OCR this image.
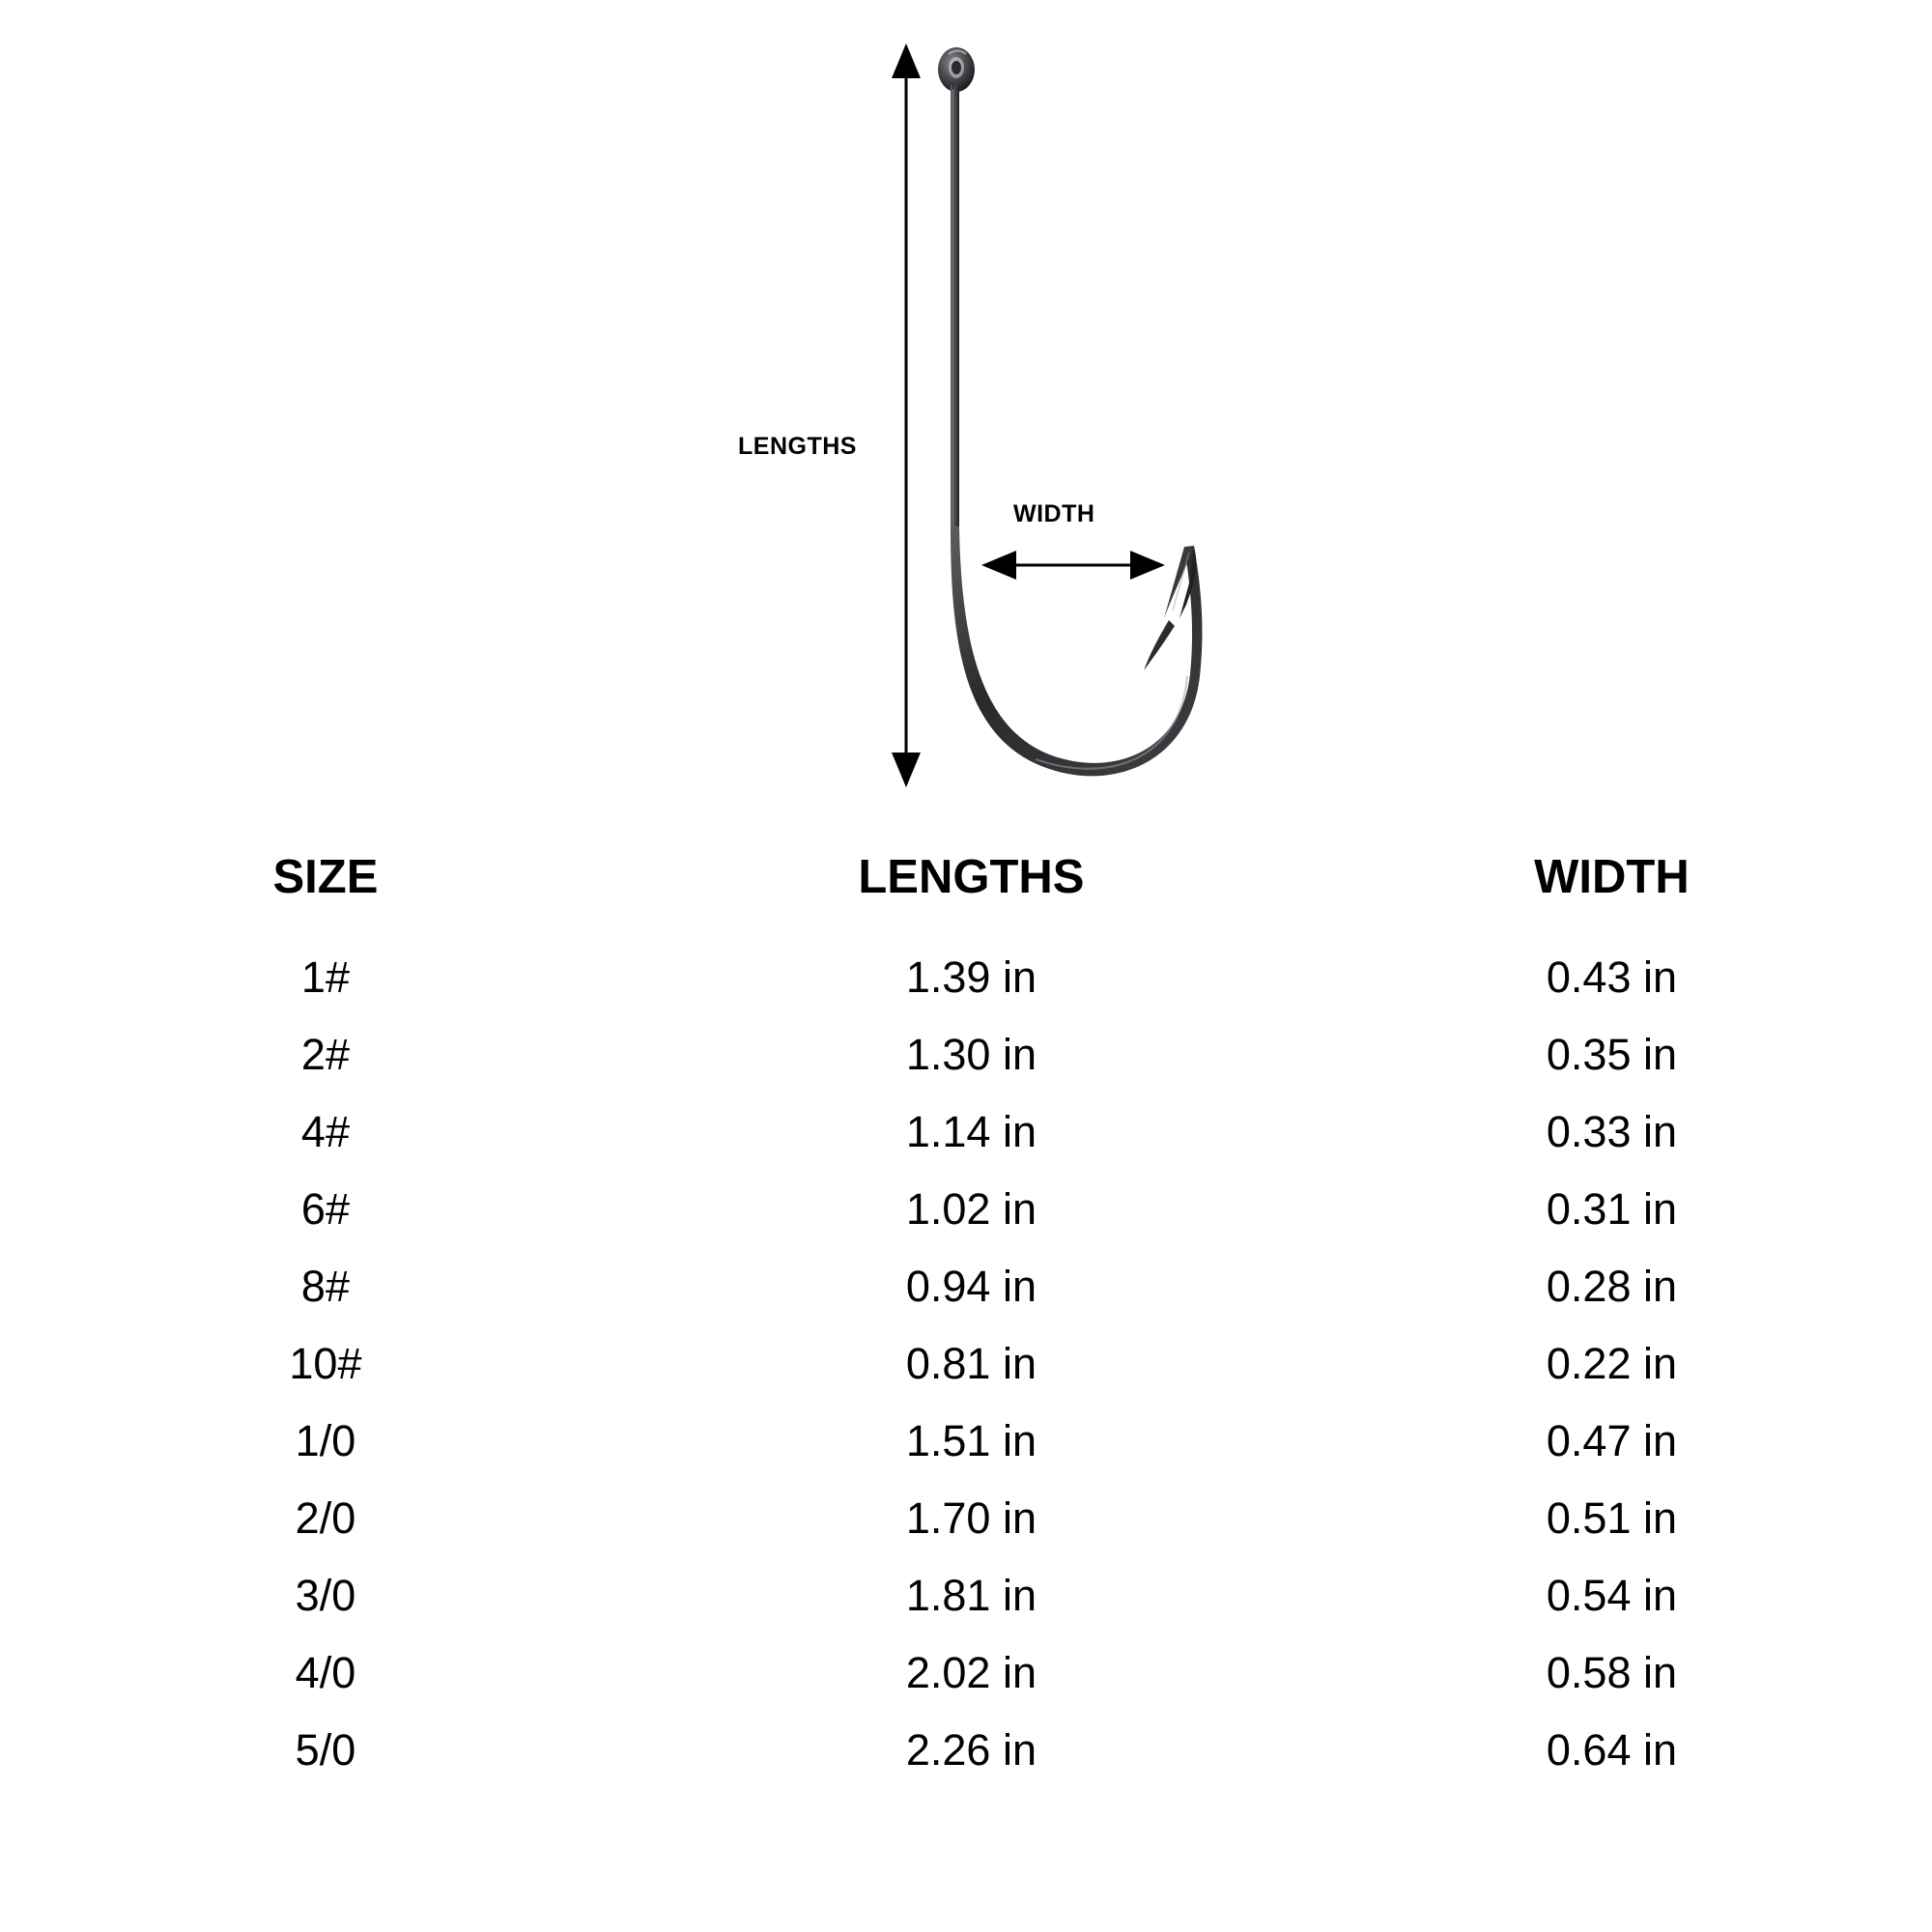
LENGTHS
WIDTH
SIZE	LENGTHS	WIDTH
1#	1.39 in	0.43 in
2#	1.30 in	0.35 in
4#	1.14 in	0.33 in
6#	1.02 in	0.31 in
8#	0.94 in	0.28 in
10#	0.81 in	0.22 in
1/0	1.51 in	0.47 in
2/0	1.70 in	0.51 in
3/0	1.81 in	0.54 in
4/0	2.02 in	0.58 in
5/0	2.26 in	0.64 in
